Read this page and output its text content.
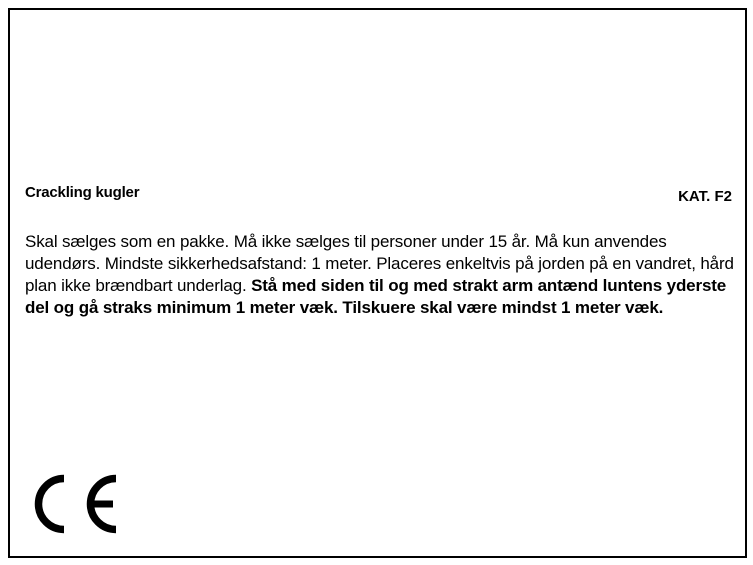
Crackling kugler	KAT. F2
Skal sælges som en pakke. Må ikke sælges til personer under 15 år. Må kun anvendes udendørs. Mindste sikkerhedsafstand: 1 meter. Placeres enkeltvis på jorden på en vandret, hård plan ikke brændbart underlag. Stå med siden til og med strakt arm antænd luntens yderste del og gå straks minimum 1 meter væk. Tilskuere skal være mindst 1 meter væk.
